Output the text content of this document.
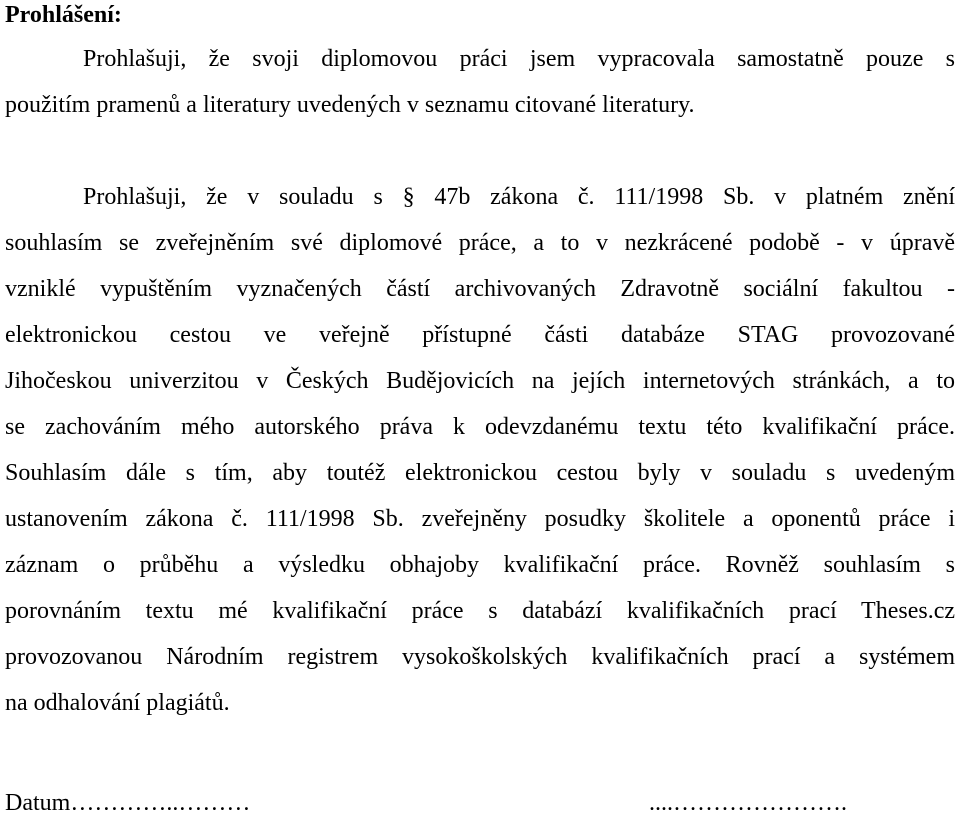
Prohlášení:
Prohlašuji, že svoji diplomovou práci jsem vypracovala samostatně pouze s
použitím pramenů a literatury uvedených v seznamu citované literatury.
Prohlašuji, že v souladu s § 47b zákona č. 111/1998 Sb. v platném znění
souhlasím se zveřejněním své diplomové práce, a to v nezkrácené podobě - v úpravě
vzniklé vypuštěním vyznačených částí archivovaných Zdravotně sociální fakultou -
elektronickou cestou ve veřejně přístupné části databáze STAG provozované
Jihočeskou univerzitou v Českých Budějovicích na jejích internetových stránkách, a to
se zachováním mého autorského práva k odevzdanému textu této kvalifikační práce.
Souhlasím dále s tím, aby toutéž elektronickou cestou byly v souladu s uvedeným
ustanovením zákona č. 111/1998 Sb. zveřejněny posudky školitele a oponentů práce i
záznam o průběhu a výsledku obhajoby kvalifikační práce. Rovněž souhlasím s
porovnáním textu mé kvalifikační práce s databází kvalifikačních prací Theses.cz
provozovanou Národním registrem vysokoškolských kvalifikačních prací a systémem
na odhalování plagiátů.
Datum…………..………	....………………….
